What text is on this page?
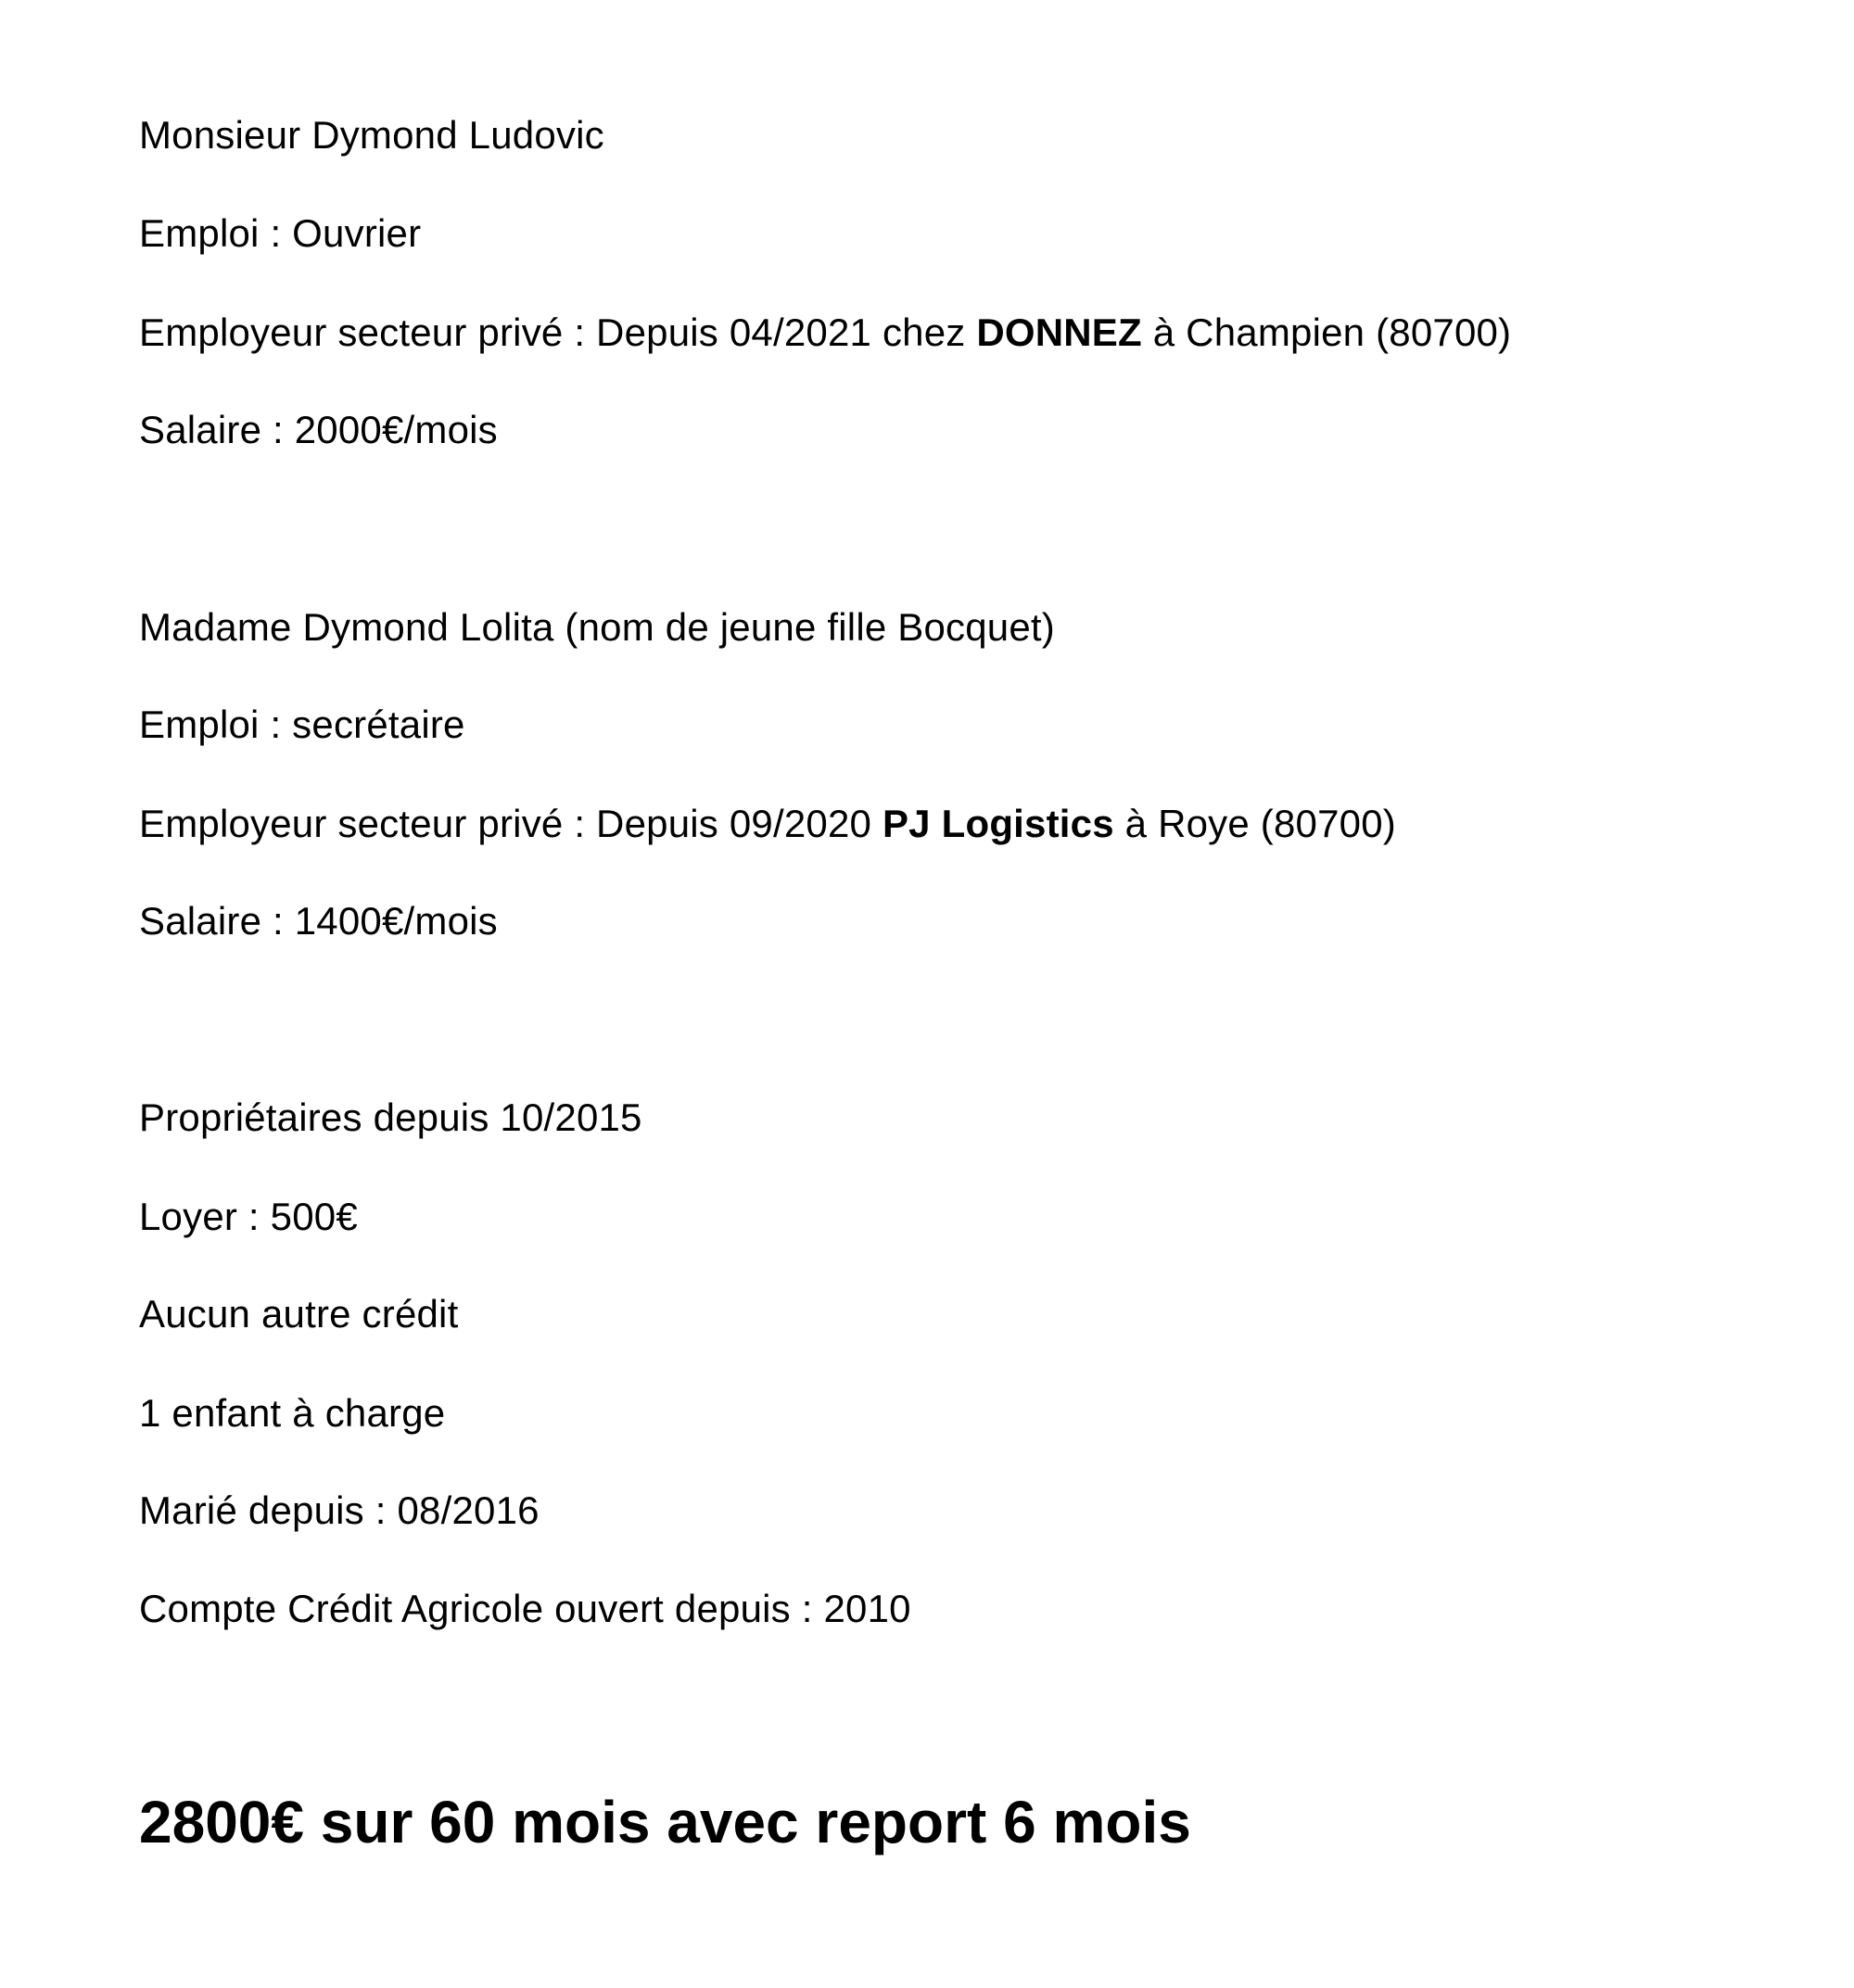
Monsieur Dymond Ludovic
Emploi : Ouvrier
Employeur secteur privé : Depuis 04/2021 chez DONNEZ à Champien (80700)
Salaire : 2000€/mois
Madame Dymond Lolita (nom de jeune fille Bocquet)
Emploi : secrétaire
Employeur secteur privé : Depuis 09/2020 PJ Logistics à Roye (80700)
Salaire : 1400€/mois
Propriétaires depuis 10/2015
Loyer : 500€
Aucun autre crédit
1 enfant à charge
Marié depuis : 08/2016
Compte Crédit Agricole ouvert depuis : 2010
2800€ sur 60 mois avec report 6 mois
